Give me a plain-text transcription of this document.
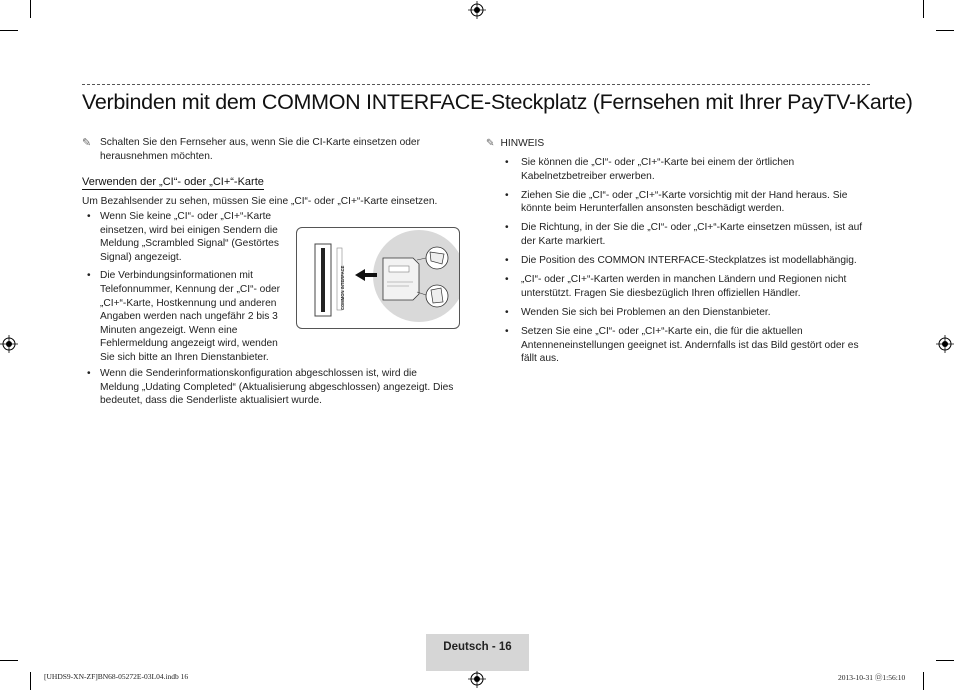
Verbinden mit dem COMMON INTERFACE-Steckplatz (Fernsehen mit Ihrer PayTV-Karte)
✎ Schalten Sie den Fernseher aus, wenn Sie die CI-Karte einsetzen oder herausnehmen möchten.
Verwenden der „CI“- oder „CI+“-Karte
Um Bezahlsender zu sehen, müssen Sie eine „CI“- oder „CI+“-Karte einsetzen.
• Wenn Sie keine „CI“- oder „CI+“-Karte einsetzen, wird bei einigen Sendern die Meldung „Scrambled Signal“ (Gestörtes Signal) angezeigt.
• Die Verbindungsinformationen mit Telefonnummer, Kennung der „CI“- oder „CI+“-Karte, Hostkennung und anderen Angaben werden nach ungefähr 2 bis 3 Minuten angezeigt. Wenn eine Fehlermeldung angezeigt wird, wenden Sie sich bitte an Ihren Dienstanbieter.
COMMON INTERFACE
• Wenn die Senderinformationskonfiguration abgeschlossen ist, wird die Meldung „Udating Completed“ (Aktualisierung abgeschlossen) angezeigt. Dies bedeutet, dass die Senderliste aktualisiert wurde.
✎ HINWEIS
• Sie können die „CI“- oder „CI+“-Karte bei einem der örtlichen Kabelnetzbetreiber erwerben.
• Ziehen Sie die „CI“- oder „CI+“-Karte vorsichtig mit der Hand heraus. Sie könnte beim Herunterfallen ansonsten beschädigt werden.
• Die Richtung, in der Sie die „CI“- oder „CI+“-Karte einsetzen müssen, ist auf der Karte markiert.
• Die Position des COMMON INTERFACE-Steckplatzes ist modellabhängig.
• „CI“- oder „CI+“-Karten werden in manchen Ländern und Regionen nicht unterstützt. Fragen Sie diesbezüglich Ihren offiziellen Händler.
• Wenden Sie sich bei Problemen an den Dienstanbieter.
• Setzen Sie eine „CI“- oder „CI+“-Karte ein, die für die aktuellen Antenneneinstellungen geeignet ist. Andernfalls ist das Bild gestört oder es fällt aus.
Deutsch - 16
[UHDS9-XN-ZF]BN68-05272E-03L04.indb 16	2013-10-31 ㉤1:56:10
